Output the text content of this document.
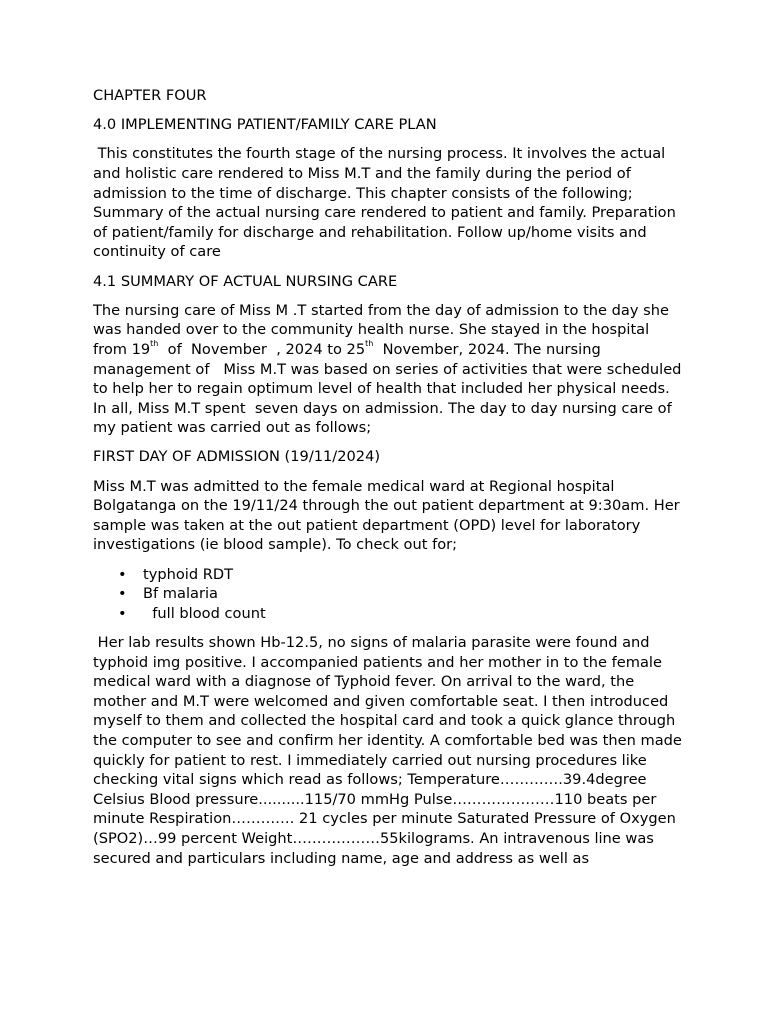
CHAPTER FOUR

4.0 IMPLEMENTING PATIENT/FAMILY CARE PLAN

This constitutes the fourth stage of the nursing process. It involves the actual and holistic care rendered to Miss M.T and the family during the period of admission to the time of discharge. This chapter consists of the following; Summary of the actual nursing care rendered to patient and family. Preparation of patient/family for discharge and rehabilitation. Follow up/home visits and continuity of care

4.1 SUMMARY OF ACTUAL NURSING CARE

The nursing care of Miss M .T started from the day of admission to the day she was handed over to the community health nurse. She stayed in the hospital from 19th  of  November  , 2024 to 25th  November, 2024. The nursing management of   Miss M.T was based on series of activities that were scheduled to help her to regain optimum level of health that included her physical needs. In all, Miss M.T spent  seven days on admission. The day to day nursing care of my patient was carried out as follows;

FIRST DAY OF ADMISSION (19/11/2024)

Miss M.T was admitted to the female medical ward at Regional hospital Bolgatanga on the 19/11/24 through the out patient department at 9:30am. Her sample was taken at the out patient department (OPD) level for laboratory investigations (ie blood sample). To check out for;

• typhoid RDT
• Bf malaria
• full blood count

Her lab results shown Hb-12.5, no signs of malaria parasite were found and typhoid img positive. I accompanied patients and her mother in to the female medical ward with a diagnose of Typhoid fever. On arrival to the ward, the mother and M.T were welcomed and given comfortable seat. I then introduced myself to them and collected the hospital card and took a quick glance through the computer to see and confirm her identity. A comfortable bed was then made quickly for patient to rest. I immediately carried out nursing procedures like checking vital signs which read as follows; Temperature………….39.4degree Celsius Blood pressure..........115/70 mmHg Pulse…………………110 beats per minute Respiration…………. 21 cycles per minute Saturated Pressure of Oxygen (SPO2)…99 percent Weight………………55kilograms. An intravenous line was secured and particulars including name, age and address as well as
